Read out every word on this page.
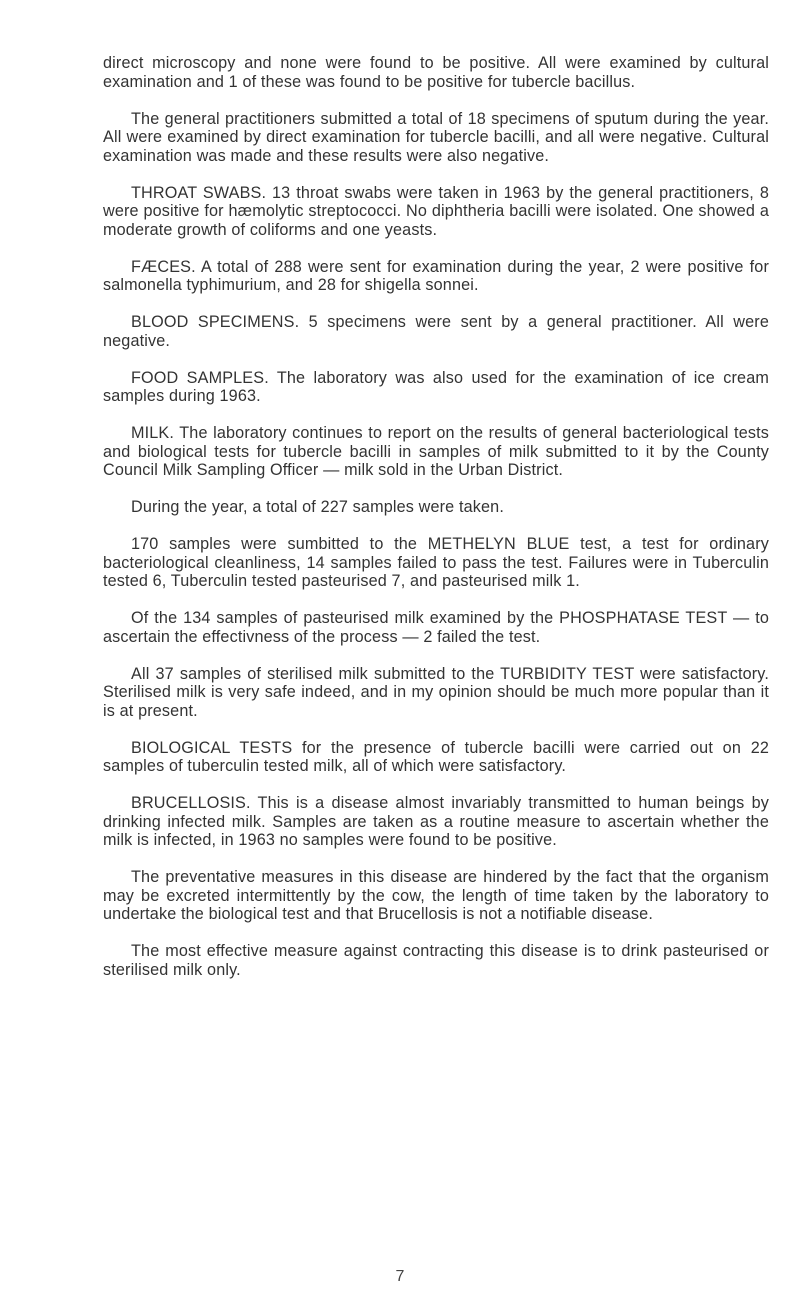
direct microscopy and none were found to be positive. All were examined by cultural examination and 1 of these was found to be positive for tubercle bacillus.

The general practitioners submitted a total of 18 specimens of sputum during the year. All were examined by direct examination for tubercle bacilli, and all were negative. Cultural examination was made and these results were also negative.

THROAT SWABS. 13 throat swabs were taken in 1963 by the general practitioners, 8 were positive for hæmolytic streptococci. No diphtheria bacilli were isolated. One showed a moderate growth of coliforms and one yeasts.

FÆCES. A total of 288 were sent for examination during the year, 2 were positive for salmonella typhimurium, and 28 for shigella sonnei.

BLOOD SPECIMENS. 5 specimens were sent by a general practitioner. All were negative.

FOOD SAMPLES. The laboratory was also used for the examination of ice cream samples during 1963.

MILK. The laboratory continues to report on the results of general bacteriological tests and biological tests for tubercle bacilli in samples of milk submitted to it by the County Council Milk Sampling Officer — milk sold in the Urban District.

During the year, a total of 227 samples were taken.

170 samples were sumbitted to the METHELYN BLUE test, a test for ordinary bacteriological cleanliness, 14 samples failed to pass the test. Failures were in Tuberculin tested 6, Tuberculin tested pasteurised 7, and pasteurised milk 1.

Of the 134 samples of pasteurised milk examined by the PHOSPHATASE TEST — to ascertain the effectivness of the process — 2 failed the test.

All 37 samples of sterilised milk submitted to the TURBIDITY TEST were satisfactory. Sterilised milk is very safe indeed, and in my opinion should be much more popular than it is at present.

BIOLOGICAL TESTS for the presence of tubercle bacilli were carried out on 22 samples of tuberculin tested milk, all of which were satisfactory.

BRUCELLOSIS. This is a disease almost invariably transmitted to human beings by drinking infected milk. Samples are taken as a routine measure to ascertain whether the milk is infected, in 1963 no samples were found to be positive.

The preventative measures in this disease are hindered by the fact that the organism may be excreted intermittently by the cow, the length of time taken by the laboratory to undertake the biological test and that Brucellosis is not a notifiable disease.

The most effective measure against contracting this disease is to drink pasteurised or sterilised milk only.

7
